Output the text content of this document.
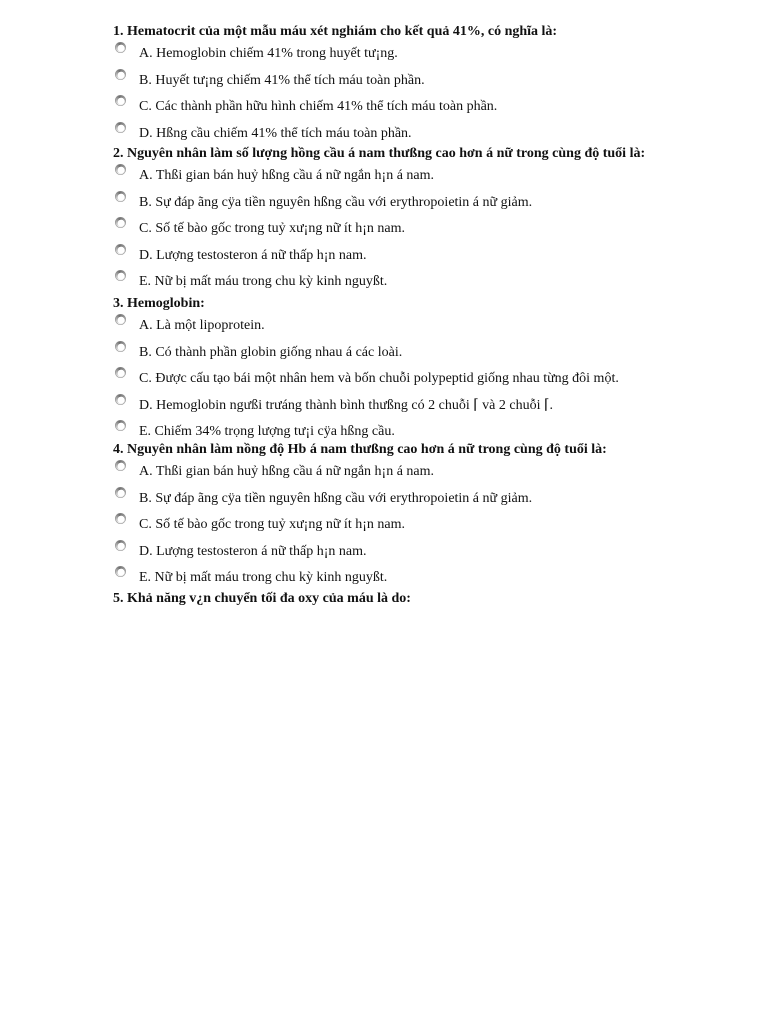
1. Hematocrit của một mẫu máu xét nghiám cho kết quả 41%, có nghĩa là:
A. Hemoglobin chiếm 41% trong huyết tư¡ng.
B. Huyết tư¡ng chiếm 41% thể tích máu toàn phần.
C. Các thành phần hữu hình chiếm 41% thể tích máu toàn phần.
D. Hßng cầu chiếm 41% thể tích máu toàn phần.
2. Nguyên nhân làm số lượng hồng cầu á nam thưßng cao hơn á nữ trong cùng độ tuổi là:
A. Thßi gian bán huỷ hßng cầu á nữ ngắn h¡n á nam.
B. Sự đáp ãng cÿa tiền nguyên hßng cầu với erythropoietin á nữ giảm.
C. Số tế bào gốc trong tuỷ xư¡ng nữ ít h¡n nam.
D. Lượng testosteron á nữ thấp h¡n nam.
E. Nữ bị mất máu trong chu kỳ kinh nguyßt.
3. Hemoglobin:
A. Là một lipoprotein.
B. Có thành phần globin giống nhau á các loài.
C. Được cấu tạo bái một nhân hem và bốn chuỗi polypeptid giống nhau từng đôi một.
D. Hemoglobin ngưßi trưáng thành bình thưßng có 2 chuỗi ⌈ và 2 chuỗi ⌈.
E. Chiếm 34% trọng lượng tư¡i cÿa hßng cầu.
4. Nguyên nhân làm nồng độ Hb á nam thưßng cao hơn á nữ trong cùng độ tuổi là:
A. Thßi gian bán huỷ hßng cầu á nữ ngắn h¡n á nam.
B. Sự đáp ãng cÿa tiền nguyên hßng cầu với erythropoietin á nữ giảm.
C. Số tế bào gốc trong tuỷ xư¡ng nữ ít h¡n nam.
D. Lượng testosteron á nữ thấp h¡n nam.
E. Nữ bị mất máu trong chu kỳ kinh nguyßt.
5. Khả năng v¿n chuyển tối đa oxy của máu là do:
